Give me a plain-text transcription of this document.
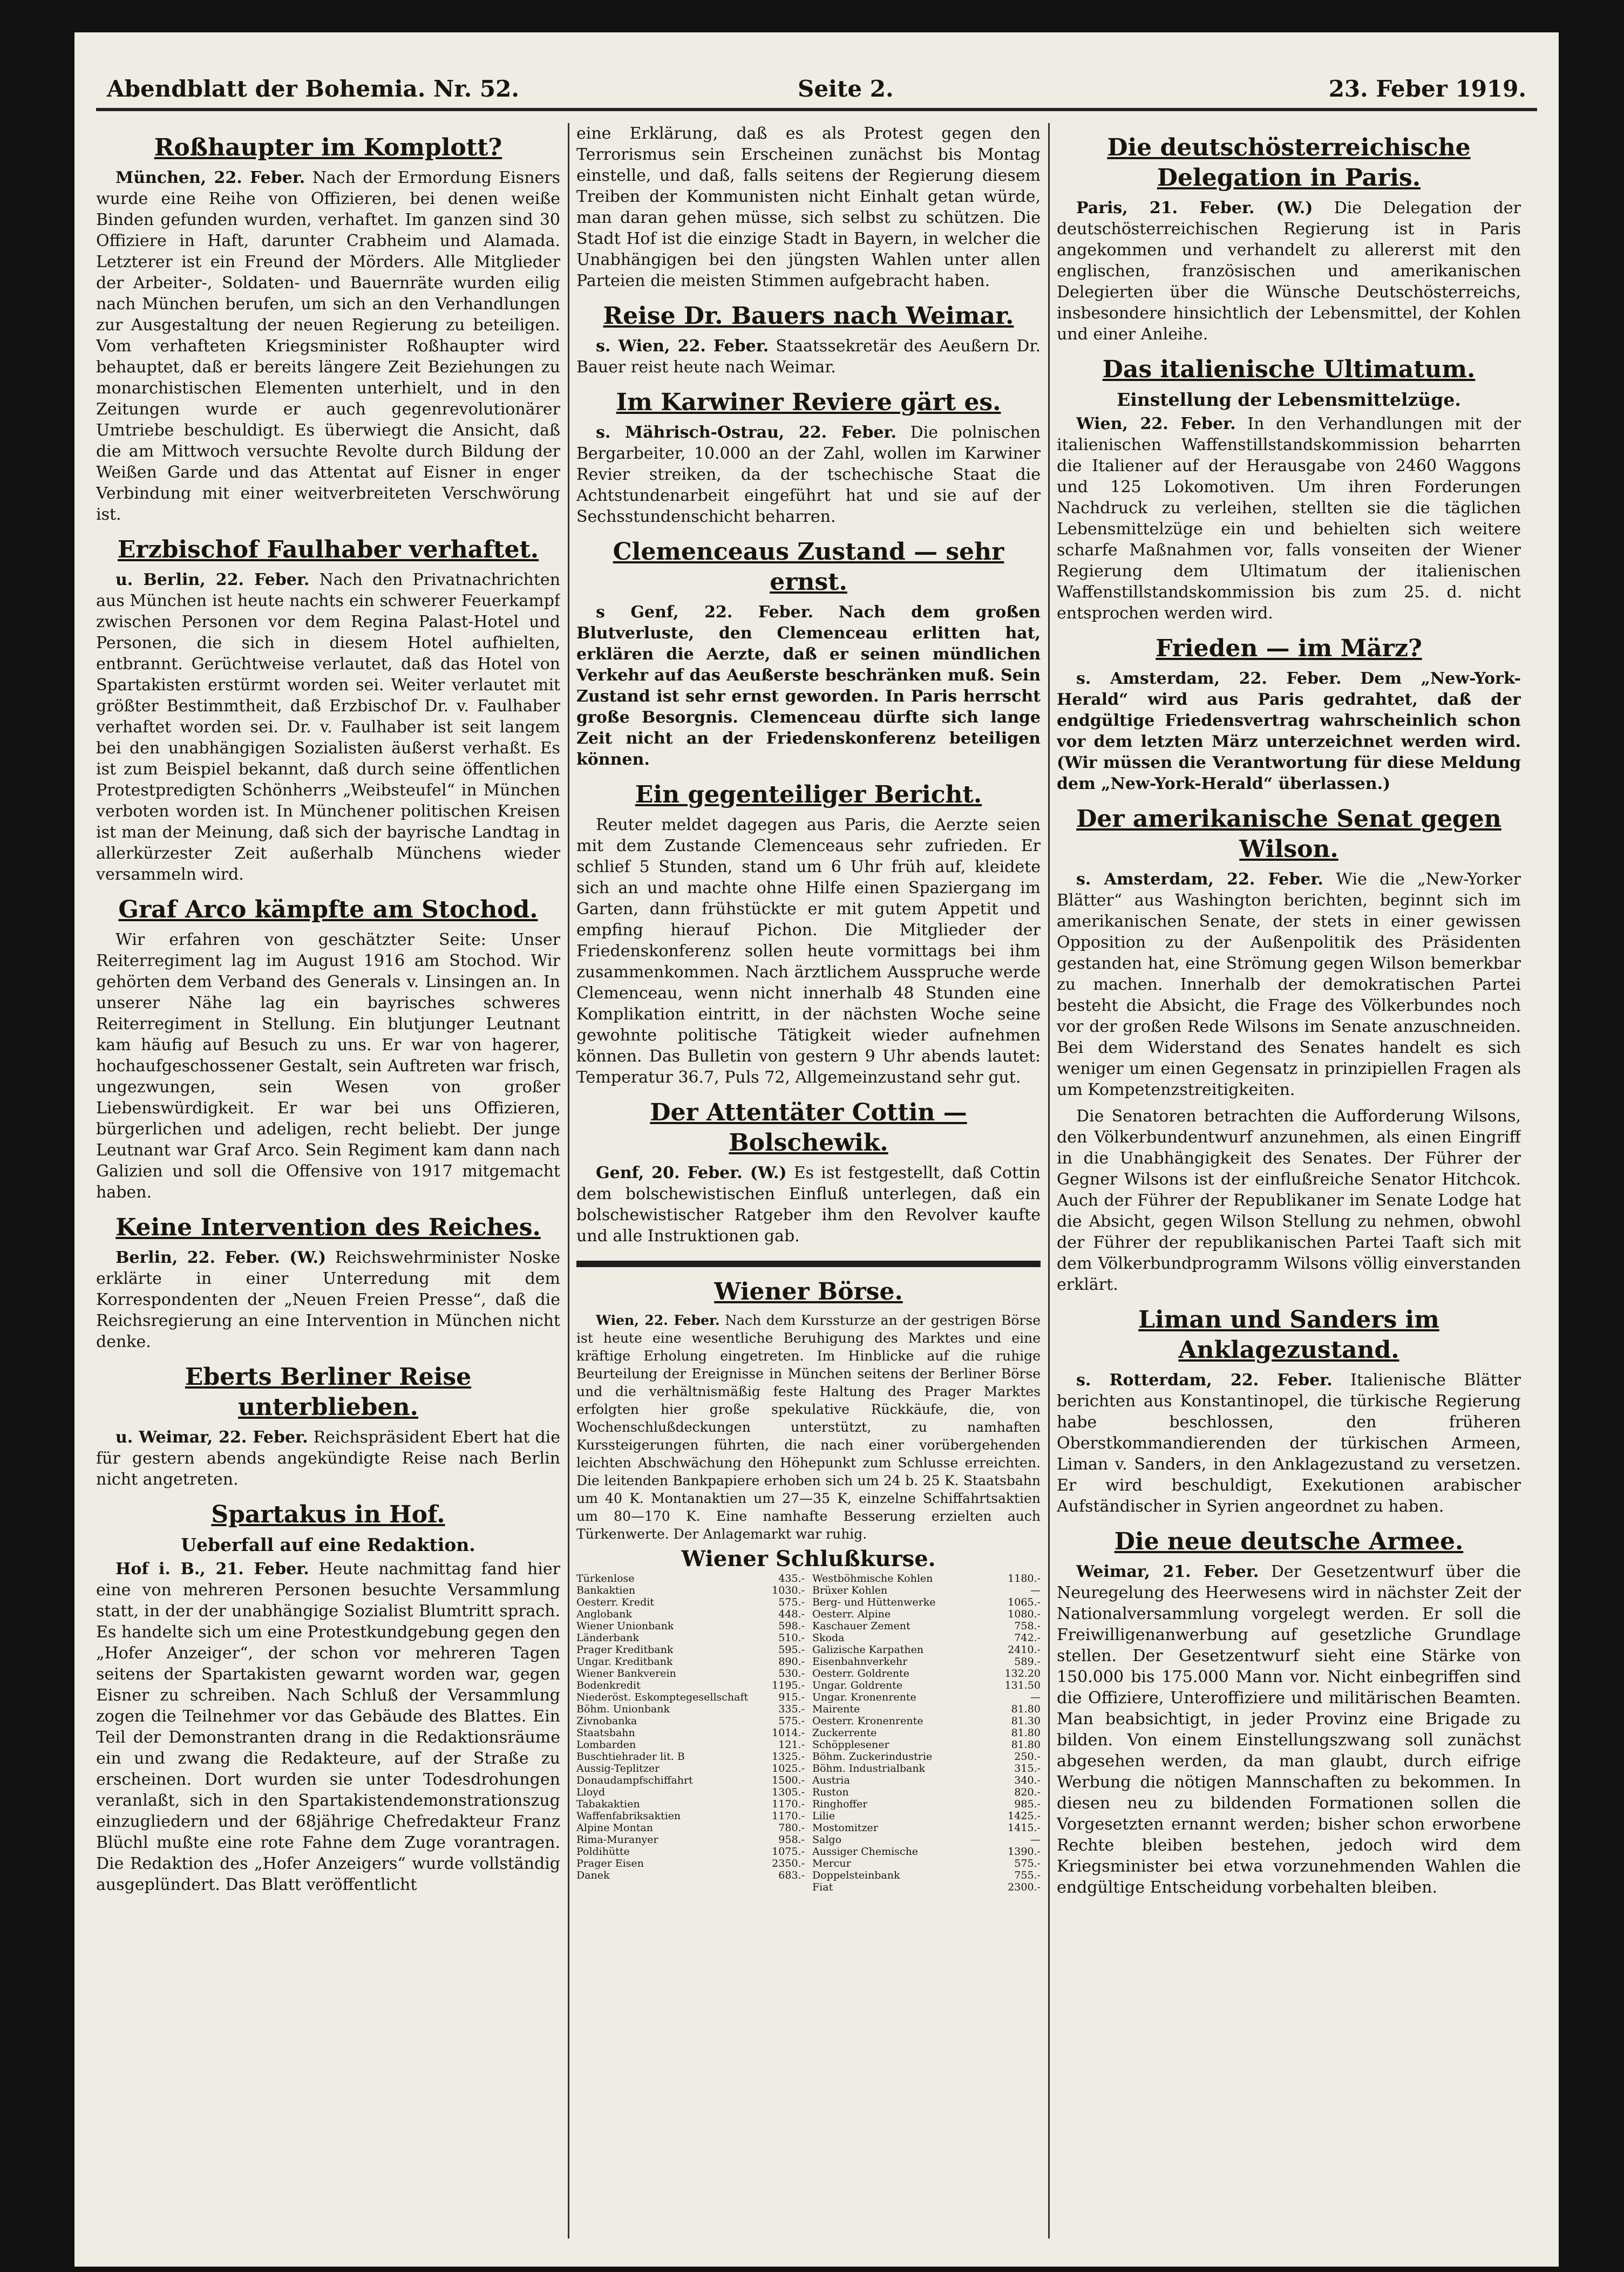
Abendblatt der Bohemia. Nr. 52.	Seite 2.	23. Feber 1919.
Roßhaupter im Komplott?
München, 22. Feber. Nach der Ermordung Eisners wurde eine Reihe von Offizieren, bei denen weiße Binden gefunden wurden, verhaftet. Im ganzen sind 30 Offiziere in Haft, darunter Crabheim und Alamada. Letzterer ist ein Freund der Mörders. Alle Mitglieder der Arbeiter-, Soldaten- und Bauernräte wurden eilig nach München berufen, um sich an den Verhandlungen zur Ausgestaltung der neuen Regierung zu beteiligen. Vom verhafteten Kriegsminister Roßhaupter wird behauptet, daß er bereits längere Zeit Beziehungen zu monarchistischen Elementen unterhielt, und in den Zeitungen wurde er auch gegenrevolutionärer Umtriebe beschuldigt. Es überwiegt die Ansicht, daß die am Mittwoch versuchte Revolte durch Bildung der Weißen Garde und das Attentat auf Eisner in enger Verbindung mit einer weitverbreiteten Verschwörung ist.
Erzbischof Faulhaber verhaftet.
u. Berlin, 22. Feber. Nach den Privatnachrichten aus München ist heute nachts ein schwerer Feuerkampf zwischen Personen vor dem Regina Palast-Hotel und Personen, die sich in diesem Hotel aufhielten, entbrannt. Gerüchtweise verlautet, daß das Hotel von Spartakisten erstürmt worden sei. Weiter verlautet mit größter Bestimmtheit, daß Erzbischof Dr. v. Faulhaber verhaftet worden sei. Dr. v. Faulhaber ist seit langem bei den unabhängigen Sozialisten äußerst verhaßt. Es ist zum Beispiel bekannt, daß durch seine öffentlichen Protestpredigten Schönherrs „Weibsteufel“ in München verboten worden ist. In Münchener politischen Kreisen ist man der Meinung, daß sich der bayrische Landtag in allerkürzester Zeit außerhalb Münchens wieder versammeln wird.
Graf Arco kämpfte am Stochod.
Wir erfahren von geschätzter Seite: Unser Reiterregiment lag im August 1916 am Stochod. Wir gehörten dem Verband des Generals v. Linsingen an. In unserer Nähe lag ein bayrisches schweres Reiterregiment in Stellung. Ein blutjunger Leutnant kam häufig auf Besuch zu uns. Er war von hagerer, hochaufgeschossener Gestalt, sein Auftreten war frisch, ungezwungen, sein Wesen von großer Liebenswürdigkeit. Er war bei uns Offizieren, bürgerlichen und adeligen, recht beliebt. Der junge Leutnant war Graf Arco. Sein Regiment kam dann nach Galizien und soll die Offensive von 1917 mitgemacht haben.
Keine Intervention des Reiches.
Berlin, 22. Feber. (W.) Reichswehrminister Noske erklärte in einer Unterredung mit dem Korrespondenten der „Neuen Freien Presse“, daß die Reichsregierung an eine Intervention in München nicht denke.
Eberts Berliner Reise unterblieben.
u. Weimar, 22. Feber. Reichspräsident Ebert hat die für gestern abends angekündigte Reise nach Berlin nicht angetreten.
Spartakus in Hof.
Ueberfall auf eine Redaktion.
Hof i. B., 21. Feber. Heute nachmittag fand hier eine von mehreren Personen besuchte Versammlung statt, in der der unabhängige Sozialist Blumtritt sprach. Es handelte sich um eine Protestkundgebung gegen den „Hofer Anzeiger“, der schon vor mehreren Tagen seitens der Spartakisten gewarnt worden war, gegen Eisner zu schreiben. Nach Schluß der Versammlung zogen die Teilnehmer vor das Gebäude des Blattes. Ein Teil der Demonstranten drang in die Redaktionsräume ein und zwang die Redakteure, auf der Straße zu erscheinen. Dort wurden sie unter Todesdrohungen veranlaßt, sich in den Spartakistendemonstrationszug einzugliedern und der 68jährige Chefredakteur Franz Blüchl mußte eine rote Fahne dem Zuge vorantragen. Die Redaktion des „Hofer Anzeigers“ wurde vollständig ausgeplündert. Das Blatt veröffentlicht
eine Erklärung, daß es als Protest gegen den Terrorismus sein Erscheinen zunächst bis Montag einstelle, und daß, falls seitens der Regierung diesem Treiben der Kommunisten nicht Einhalt getan würde, man daran gehen müsse, sich selbst zu schützen. Die Stadt Hof ist die einzige Stadt in Bayern, in welcher die Unabhängigen bei den jüngsten Wahlen unter allen Parteien die meisten Stimmen aufgebracht haben.
Reise Dr. Bauers nach Weimar.
s. Wien, 22. Feber. Staatssekretär des Aeußern Dr. Bauer reist heute nach Weimar.
Im Karwiner Reviere gärt es.
s. Mährisch-Ostrau, 22. Feber. Die polnischen Bergarbeiter, 10.000 an der Zahl, wollen im Karwiner Revier streiken, da der tschechische Staat die Achtstundenarbeit eingeführt hat und sie auf der Sechsstundenschicht beharren.
Clemenceaus Zustand — sehr ernst.
s Genf, 22. Feber. Nach dem großen Blutverluste, den Clemenceau erlitten hat, erklären die Aerzte, daß er seinen mündlichen Verkehr auf das Aeußerste beschränken muß. Sein Zustand ist sehr ernst geworden. In Paris herrscht große Besorgnis. Clemenceau dürfte sich lange Zeit nicht an der Friedenskonferenz beteiligen können.
Ein gegenteiliger Bericht.
Reuter meldet dagegen aus Paris, die Aerzte seien mit dem Zustande Clemenceaus sehr zufrieden. Er schlief 5 Stunden, stand um 6 Uhr früh auf, kleidete sich an und machte ohne Hilfe einen Spaziergang im Garten, dann frühstückte er mit gutem Appetit und empfing hierauf Pichon. Die Mitglieder der Friedenskonferenz sollen heute vormittags bei ihm zusammenkommen. Nach ärztlichem Ausspruche werde Clemenceau, wenn nicht innerhalb 48 Stunden eine Komplikation eintritt, in der nächsten Woche seine gewohnte politische Tätigkeit wieder aufnehmen können. Das Bulletin von gestern 9 Uhr abends lautet: Temperatur 36.7, Puls 72, Allgemeinzustand sehr gut.
Der Attentäter Cottin — Bolschewik.
Genf, 20. Feber. (W.) Es ist festgestellt, daß Cottin dem bolschewistischen Einfluß unterlegen, daß ein bolschewistischer Ratgeber ihm den Revolver kaufte und alle Instruktionen gab.
Wiener Börse.
Wien, 22. Feber. Nach dem Kurssturze an der gestrigen Börse ist heute eine wesentliche Beruhigung des Marktes und eine kräftige Erholung eingetreten. Im Hinblicke auf die ruhige Beurteilung der Ereignisse in München seitens der Berliner Börse und die verhältnismäßig feste Haltung des Prager Marktes erfolgten hier große spekulative Rückkäufe, die, von Wochenschlußdeckungen unterstützt, zu namhaften Kurssteigerungen führten, die nach einer vorübergehenden leichten Abschwächung den Höhepunkt zum Schlusse erreichten. Die leitenden Bankpapiere erhoben sich um 24 b. 25 K. Staatsbahn um 40 K. Montanaktien um 27—35 K, einzelne Schiffahrtsaktien um 80—170 K. Eine namhafte Besserung erzielten auch Türkenwerte. Der Anlagemarkt war ruhig.
Wiener Schlußkurse.
Türkenlose	435.-
Bankaktien	1030.-
Oesterr. Kredit	575.-
Anglobank	448.-
Wiener Unionbank	598.-
Länderbank	510.-
Prager Kreditbank	595.-
Ungar. Kreditbank	890.-
Wiener Bankverein	530.-
Bodenkredit	1195.-
Niederöst. Eskomptegesellschaft	915.-
Böhm. Unionbank	335.-
Zivnobanka	575.-
Staatsbahn	1014.-
Lombarden	121.-
Buschtiehrader lit. B	1325.-
Aussig-Teplitzer	1025.-
Donaudampfschiffahrt	1500.-
Lloyd	1305.-
Tabakaktien	1170.-
Waffenfabriksaktien	1170.-
Alpine Montan	780.-
Rima-Muranyer	958.-
Poldihütte	1075.-
Prager Eisen	2350.-
Danek	683.-
Westböhmische Kohlen	1180.-
Brüxer Kohlen	—
Berg- und Hüttenwerke	1065.-
Oesterr. Alpine	1080.-
Kaschauer Zement	758.-
Skoda	742.-
Galizische Karpathen	2410.-
Eisenbahnverkehr	589.-
Oesterr. Goldrente	132.20
Ungar. Goldrente	131.50
Ungar. Kronenrente	—
Mairente	81.80
Oesterr. Kronenrente	81.30
Zuckerrente	81.80
Schöpplesener	81.80
Böhm. Zuckerindustrie	250.-
Böhm. Industrialbank	315.-
Austria	340.-
Ruston	820.-
Ringhoffer	985.-
Lilie	1425.-
Mostomitzer	1415.-
Salgo	—
Aussiger Chemische	1390.-
Mercur	575.-
Doppelsteinbank	755.-
Fiat	2300.-
Die deutschösterreichische Delegation in Paris.
Paris, 21. Feber. (W.) Die Delegation der deutschösterreichischen Regierung ist in Paris angekommen und verhandelt zu allererst mit den englischen, französischen und amerikanischen Delegierten über die Wünsche Deutschösterreichs, insbesondere hinsichtlich der Lebensmittel, der Kohlen und einer Anleihe.
Das italienische Ultimatum.
Einstellung der Lebensmittelzüge.
Wien, 22. Feber. In den Verhandlungen mit der italienischen Waffenstillstandskommission beharrten die Italiener auf der Herausgabe von 2460 Waggons und 125 Lokomotiven. Um ihren Forderungen Nachdruck zu verleihen, stellten sie die täglichen Lebensmittelzüge ein und behielten sich weitere scharfe Maßnahmen vor, falls vonseiten der Wiener Regierung dem Ultimatum der italienischen Waffenstillstandskommission bis zum 25. d. nicht entsprochen werden wird.
Frieden — im März?
s. Amsterdam, 22. Feber. Dem „New-York-Herald“ wird aus Paris gedrahtet, daß der endgültige Friedensvertrag wahrscheinlich schon vor dem letzten März unterzeichnet werden wird. (Wir müssen die Verantwortung für diese Meldung dem „New-York-Herald“ überlassen.)
Der amerikanische Senat gegen Wilson.
s. Amsterdam, 22. Feber. Wie die „New-Yorker Blätter“ aus Washington berichten, beginnt sich im amerikanischen Senate, der stets in einer gewissen Opposition zu der Außenpolitik des Präsidenten gestanden hat, eine Strömung gegen Wilson bemerkbar zu machen. Innerhalb der demokratischen Partei besteht die Absicht, die Frage des Völkerbundes noch vor der großen Rede Wilsons im Senate anzuschneiden. Bei dem Widerstand des Senates handelt es sich weniger um einen Gegensatz in prinzipiellen Fragen als um Kompetenzstreitigkeiten.
Die Senatoren betrachten die Aufforderung Wilsons, den Völkerbundentwurf anzunehmen, als einen Eingriff in die Unabhängigkeit des Senates. Der Führer der Gegner Wilsons ist der einflußreiche Senator Hitchcok. Auch der Führer der Republikaner im Senate Lodge hat die Absicht, gegen Wilson Stellung zu nehmen, obwohl der Führer der republikanischen Partei Taaft sich mit dem Völkerbundprogramm Wilsons völlig einverstanden erklärt.
Liman und Sanders im Anklagezustand.
s. Rotterdam, 22. Feber. Italienische Blätter berichten aus Konstantinopel, die türkische Regierung habe beschlossen, den früheren Oberstkommandierenden der türkischen Armeen, Liman v. Sanders, in den Anklagezustand zu versetzen. Er wird beschuldigt, Exekutionen arabischer Aufständischer in Syrien angeordnet zu haben.
Die neue deutsche Armee.
Weimar, 21. Feber. Der Gesetzentwurf über die Neuregelung des Heerwesens wird in nächster Zeit der Nationalversammlung vorgelegt werden. Er soll die Freiwilligenanwerbung auf gesetzliche Grundlage stellen. Der Gesetzentwurf sieht eine Stärke von 150.000 bis 175.000 Mann vor. Nicht einbegriffen sind die Offiziere, Unteroffiziere und militärischen Beamten. Man beabsichtigt, in jeder Provinz eine Brigade zu bilden. Von einem Einstellungszwang soll zunächst abgesehen werden, da man glaubt, durch eifrige Werbung die nötigen Mannschaften zu bekommen. In diesen neu zu bildenden Formationen sollen die Vorgesetzten ernannt werden; bisher schon erworbene Rechte bleiben bestehen, jedoch wird dem Kriegsminister bei etwa vorzunehmenden Wahlen die endgültige Entscheidung vorbehalten bleiben.
